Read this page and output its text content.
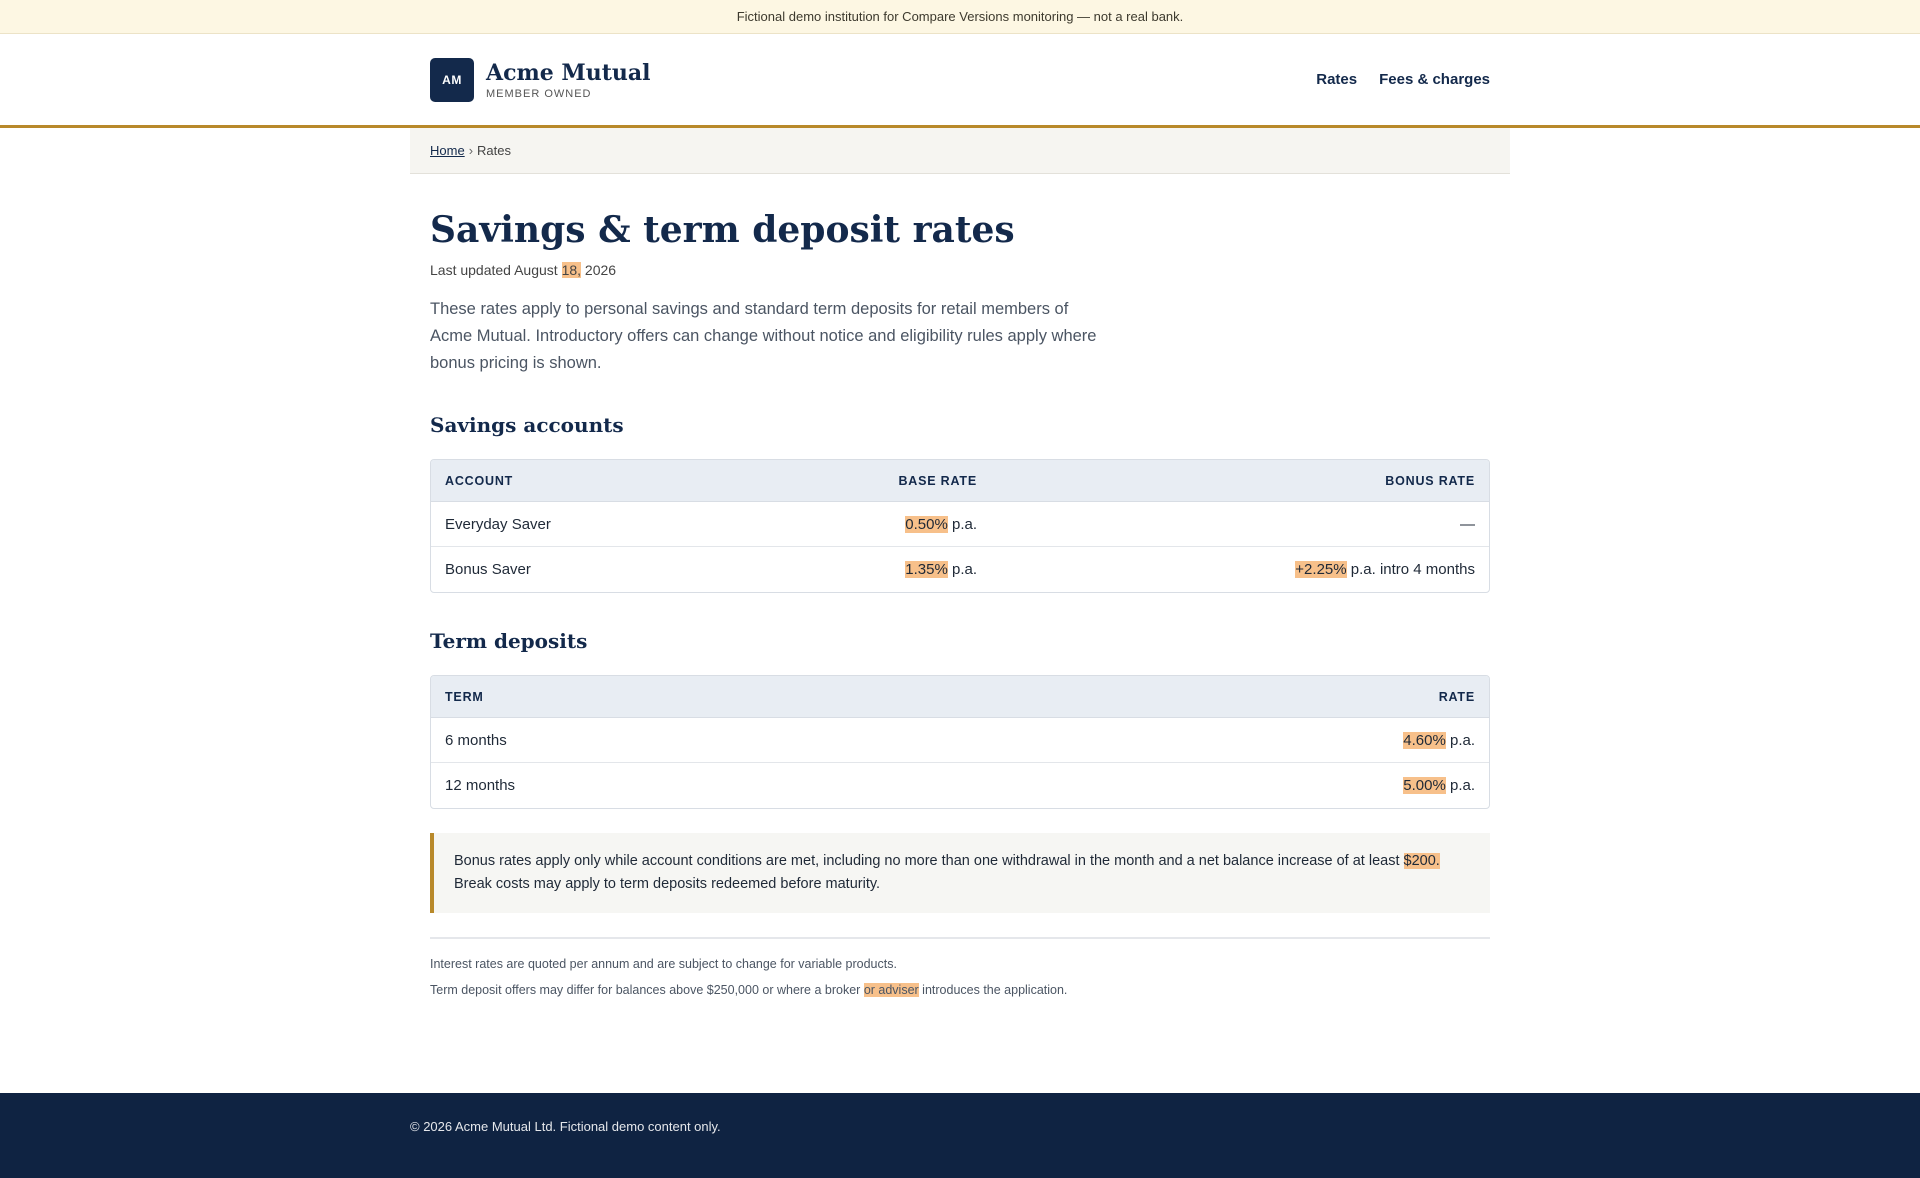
Fictional demo institution for Compare Versions monitoring — not a real bank.
AM	Acme Mutual
MEMBER OWNED
Rates Fees & charges
Home › Rates
Savings & term deposit rates
Last updated August 18, 2026

These rates apply to personal savings and standard term deposits for retail members of Acme Mutual. Introductory offers can change without notice and eligibility rules apply where bonus pricing is shown.

Savings accounts
ACCOUNT	BASE RATE	BONUS RATE
Everyday Saver	0.50% p.a.	—
Bonus Saver	1.35% p.a.	+2.25% p.a. intro 4 months
Term deposits
TERM	RATE
6 months	4.60% p.a.
12 months	5.00% p.a.
Bonus rates apply only while account conditions are met, including no more than one withdrawal in the month and a net balance increase of at least $200. Break costs may apply to term deposits redeemed before maturity.

Interest rates are quoted per annum and are subject to change for variable products.

Term deposit offers may differ for balances above $250,000 or where a broker or adviser introduces the application.

© 2026 Acme Mutual Ltd. Fictional demo content only.
